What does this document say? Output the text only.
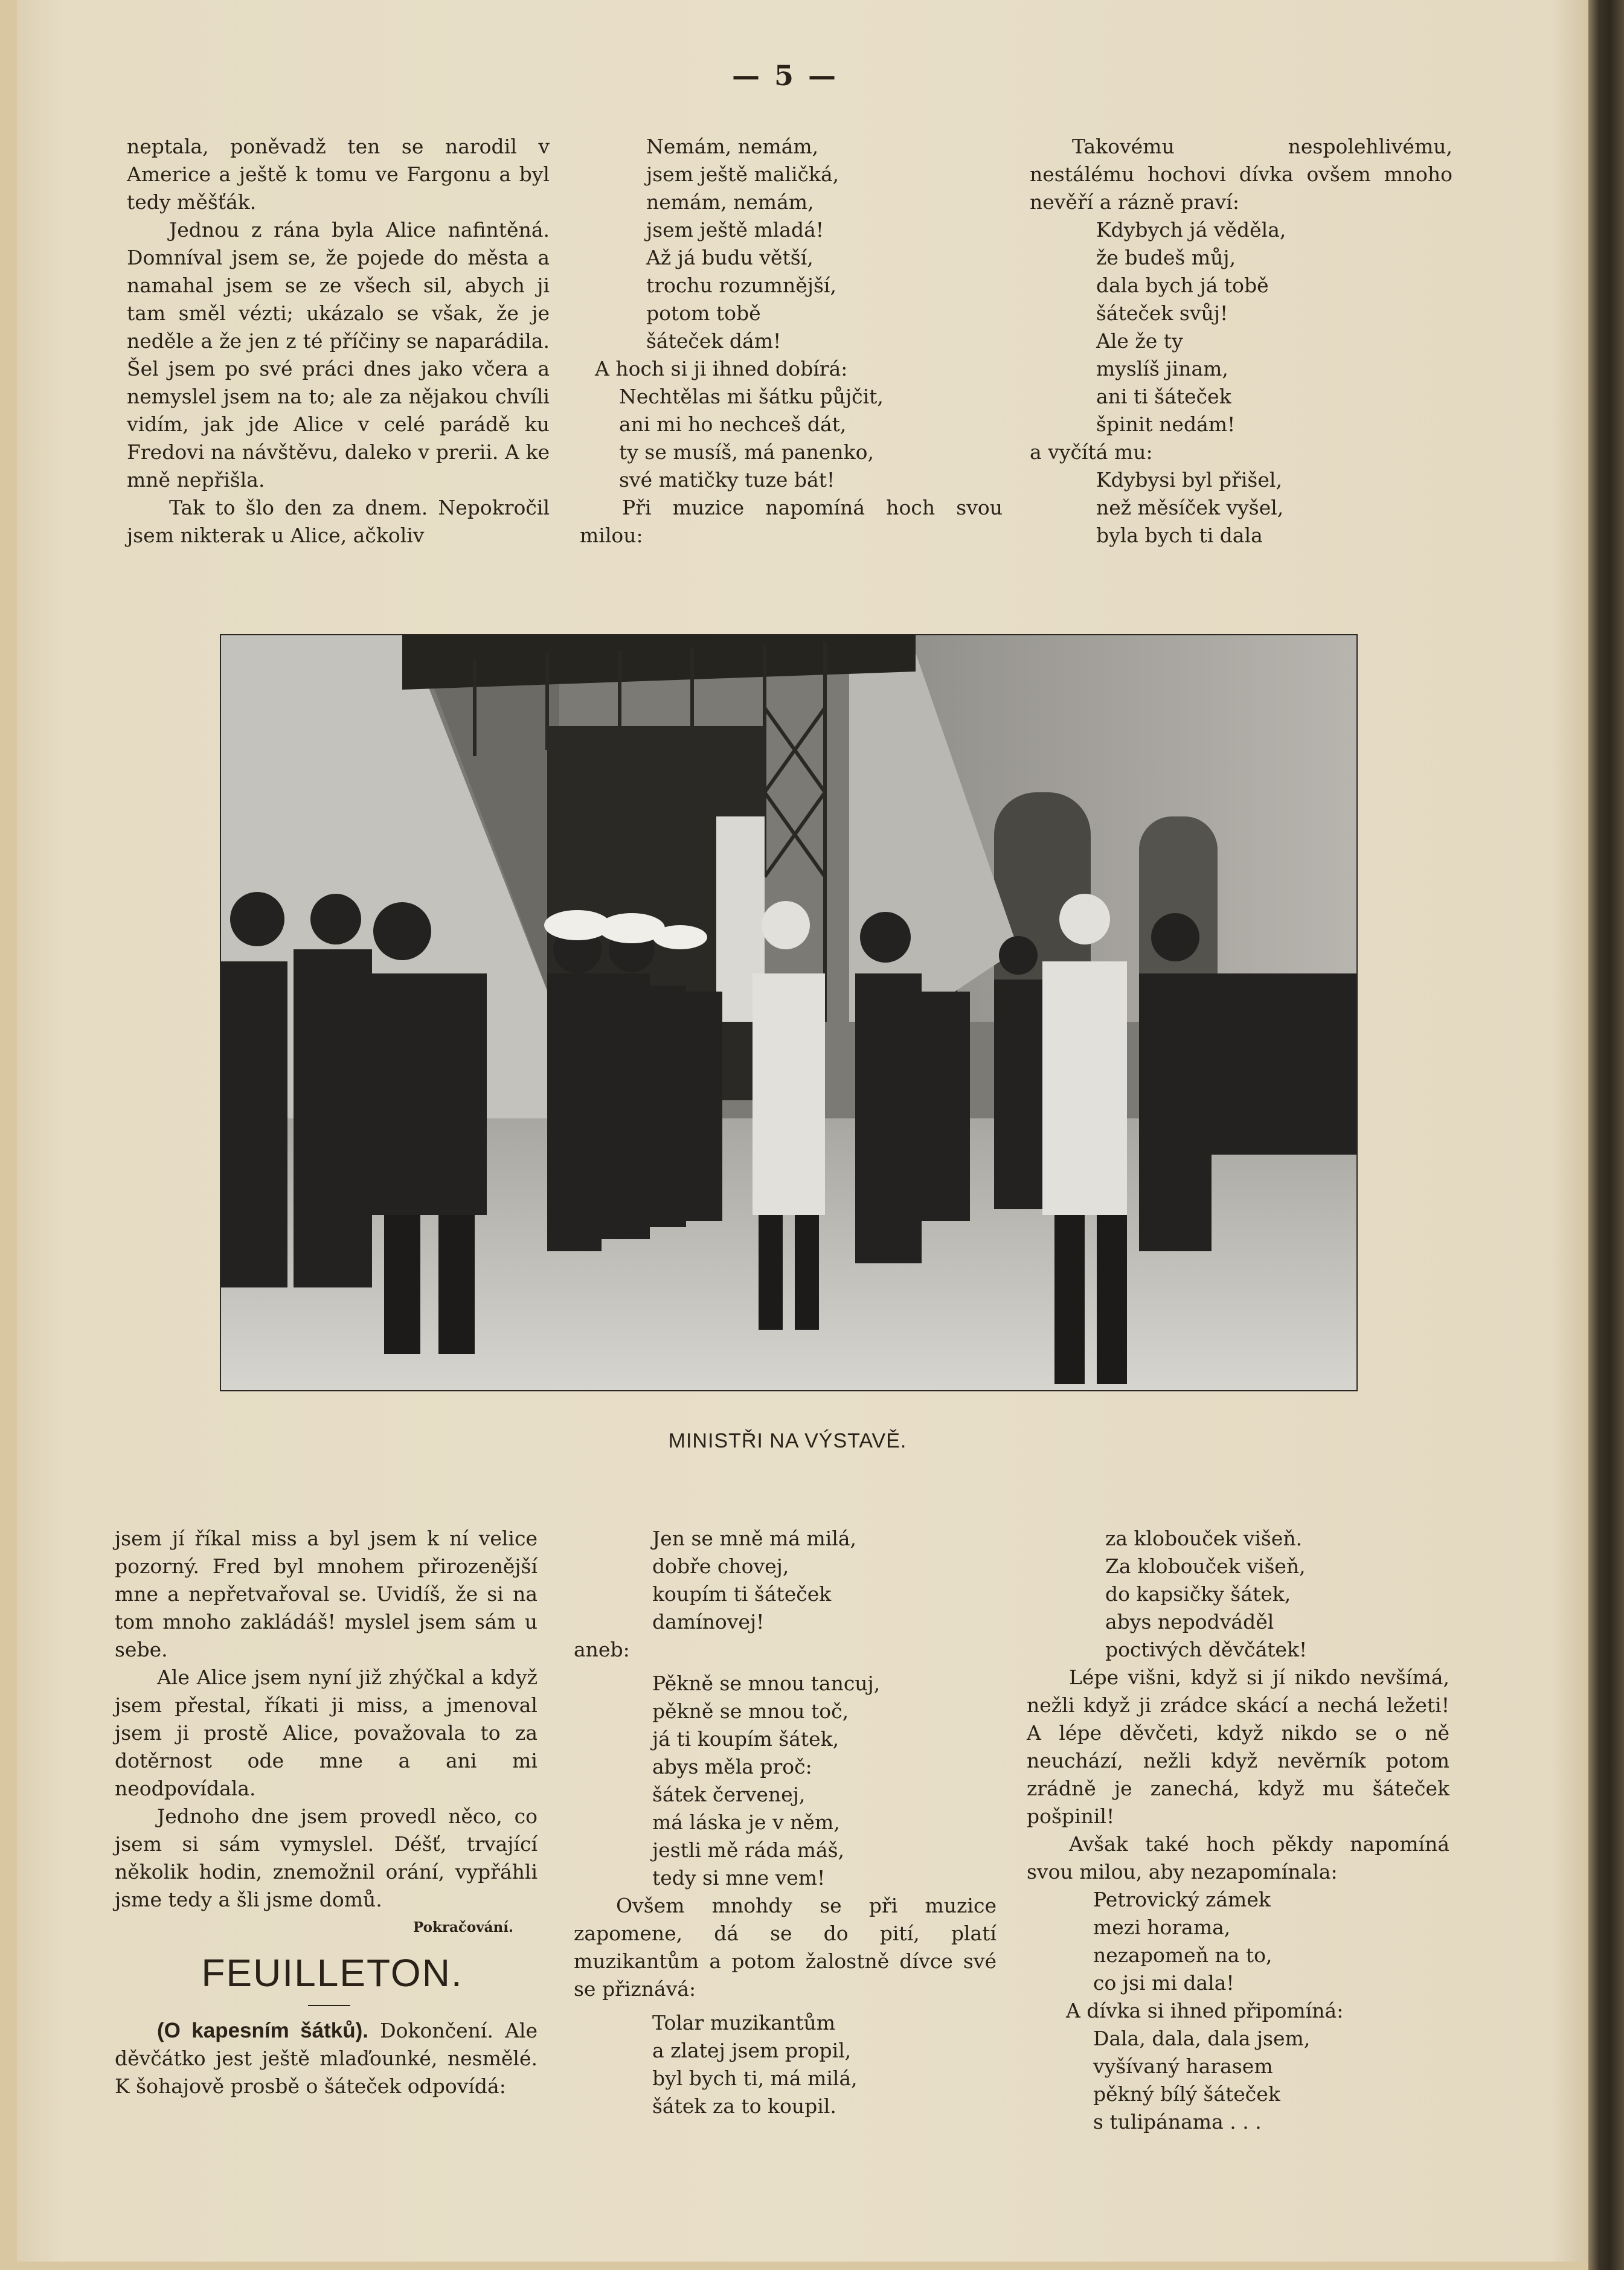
— 5 —

neptala, poněvadž ten se narodil v Americe a ještě k tomu ve Fargonu a byl tedy měšťák.

Jednou z rána byla Alice nafintěná. Domníval jsem se, že pojede do města a namahal jsem se ze všech sil, abych ji tam směl vézti; ukázalo se však, že je neděle a že jen z té příčiny se naparádila. Šel jsem po své práci dnes jako včera a nemyslel jsem na to; ale za nějakou chvíli vidím, jak jde Alice v celé parádě ku Fredovi na návštěvu, daleko v prerii. A ke mně nepřišla.

Tak to šlo den za dnem. Nepokročil jsem nikterak u Alice, ačkoliv

Nemám, nemám,

jsem ještě maličká,

nemám, nemám,

jsem ještě mladá!

Až já budu větší,

trochu rozumnější,

potom tobě

šáteček dám!

A hoch si ji ihned dobírá:

Nechtělas mi šátku půjčit,

ani mi ho nechceš dát,

ty se musíš, má panenko,

své matičky tuze bát!

Při muzice napomíná hoch svou milou:

Takovému nespolehlivému, nestálému hochovi dívka ovšem mnoho nevěří a rázně praví:

Kdybych já věděla,

že budeš můj,

dala bych já tobě

šáteček svůj!

Ale že ty

myslíš jinam,

ani ti šáteček

špinit nedám!

a vyčítá mu:

Kdybysi byl přišel,

než měsíček vyšel,

byla bych ti dala

MINISTŘI NA VÝSTAVĚ.

jsem jí říkal miss a byl jsem k ní velice pozorný. Fred byl mnohem přirozenější mne a nepřetvařoval se. Uvidíš, že si na tom mnoho zakládáš! myslel jsem sám u sebe.

Ale Alice jsem nyní již zhýčkal a když jsem přestal, říkati ji miss, a jmenoval jsem ji prostě Alice, považovala to za dotěrnost ode mne a ani mi neodpovídala.

Jednoho dne jsem provedl něco, co jsem si sám vymyslel. Déšť, trvající několik hodin, znemožnil orání, vypřáhli jsme tedy a šli jsme domů.

Pokračování.

FEUILLETON.

(O kapesním šátků). Dokončení. Ale děvčátko jest ještě mlaďounké, nesmělé. K šohajově prosbě o šáteček odpovídá:

Jen se mně má milá,

dobře chovej,

koupím ti šáteček

damínovej!

aneb:

Pěkně se mnou tancuj,

pěkně se mnou toč,

já ti koupím šátek,

abys měla proč:

šátek červenej,

má láska je v něm,

jestli mě ráda máš,

tedy si mne vem!

Ovšem mnohdy se při muzice zapomene, dá se do pití, platí muzikantům a potom žalostně dívce své se přiznává:

Tolar muzikantům

a zlatej jsem propil,

byl bych ti, má milá,

šátek za to koupil.

za klobouček višeň.

Za klobouček višeň,

do kapsičky šátek,

abys nepodváděl

poctivých děvčátek!

Lépe višni, když si jí nikdo nevšímá, nežli když ji zrádce skácí a nechá ležeti! A lépe děvčeti, když nikdo se o ně neuchází, nežli když nevěrník potom zrádně je zanechá, když mu šáteček pošpinil!

Avšak také hoch pěkdy napomíná svou milou, aby nezapomínala:

Petrovický zámek

mezi horama,

nezapomeň na to,

co jsi mi dala!

A dívka si ihned připomíná:

Dala, dala, dala jsem,

vyšívaný harasem

pěkný bílý šáteček

s tulipánama . . .
